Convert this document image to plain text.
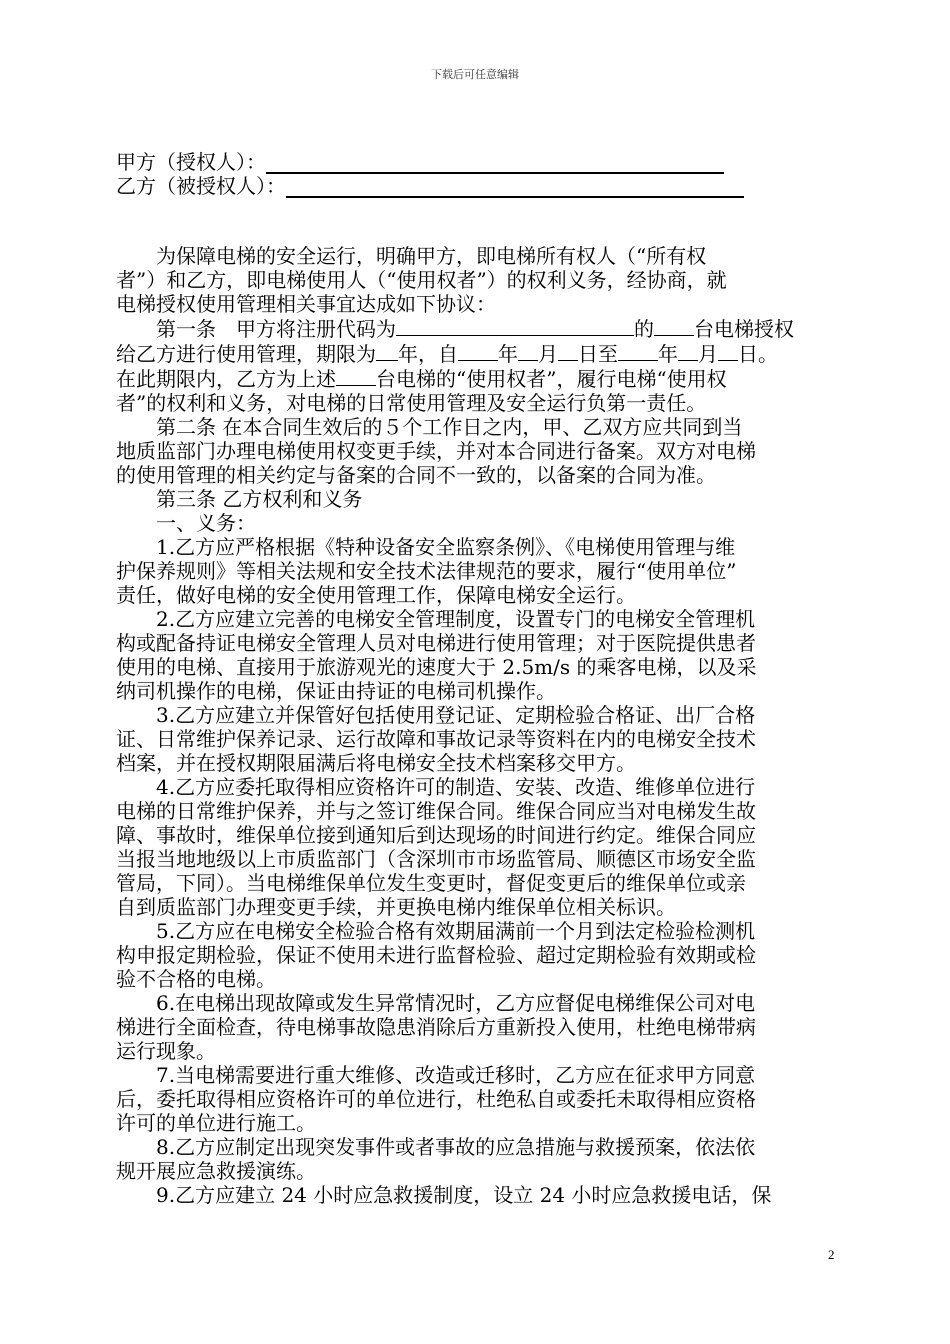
下载后可任意编辑
甲方（授权人）：
乙方（被授权人）：
　　为保障电梯的安全运行，明确甲方，即电梯所有权人（“所有权
者”）和乙方，即电梯使用人（“使用权者”）的权利义务，经协商，就
电梯授权使用管理相关事宜达成如下协议：
　　第一条　甲方将注册代码为	的 台电梯授权
给乙方进行使用管理，期限为 年，自 年 月 日至 年 月 日。
在此期限内，乙方为上述 台电梯的“使用权者”，履行电梯“使用权
者”的权利和义务，对电梯的日常使用管理及安全运行负第一责任。
　　第二条 在本合同生效后的５个工作日之内，甲、乙双方应共同到当
地质监部门办理电梯使用权变更手续，并对本合同进行备案。双方对电梯
的使用管理的相关约定与备案的合同不一致的，以备案的合同为准。
　　第三条 乙方权利和义务
　　一、义务：
　　1.乙方应严格根据《特种设备安全监察条例》、《电梯使用管理与维
护保养规则》等相关法规和安全技术法律规范的要求，履行“使用单位”
责任，做好电梯的安全使用管理工作，保障电梯安全运行。
　　2.乙方应建立完善的电梯安全管理制度，设置专门的电梯安全管理机
构或配备持证电梯安全管理人员对电梯进行使用管理；对于医院提供患者
使用的电梯、直接用于旅游观光的速度大于 2.5m/s 的乘客电梯，以及采
纳司机操作的电梯，保证由持证的电梯司机操作。
　　3.乙方应建立并保管好包括使用登记证、定期检验合格证、出厂合格
证、日常维护保养记录、运行故障和事故记录等资料在内的电梯安全技术
档案，并在授权期限届满后将电梯安全技术档案移交甲方。
　　4.乙方应委托取得相应资格许可的制造、安装、改造、维修单位进行
电梯的日常维护保养，并与之签订维保合同。维保合同应当对电梯发生故
障、事故时，维保单位接到通知后到达现场的时间进行约定。维保合同应
当报当地地级以上市质监部门（含深圳市市场监管局、顺德区市场安全监
管局，下同）。当电梯维保单位发生变更时，督促变更后的维保单位或亲
自到质监部门办理变更手续，并更换电梯内维保单位相关标识。
　　5.乙方应在电梯安全检验合格有效期届满前一个月到法定检验检测机
构申报定期检验，保证不使用未进行监督检验、超过定期检验有效期或检
验不合格的电梯。
　　6.在电梯出现故障或发生异常情况时，乙方应督促电梯维保公司对电
梯进行全面检查，待电梯事故隐患消除后方重新投入使用，杜绝电梯带病
运行现象。
　　7.当电梯需要进行重大维修、改造或迁移时，乙方应在征求甲方同意
后，委托取得相应资格许可的单位进行，杜绝私自或委托未取得相应资格
许可的单位进行施工。
　　8.乙方应制定出现突发事件或者事故的应急措施与救援预案，依法依
规开展应急救援演练。
　　9.乙方应建立 24 小时应急救援制度，设立 24 小时应急救援电话，保
2
